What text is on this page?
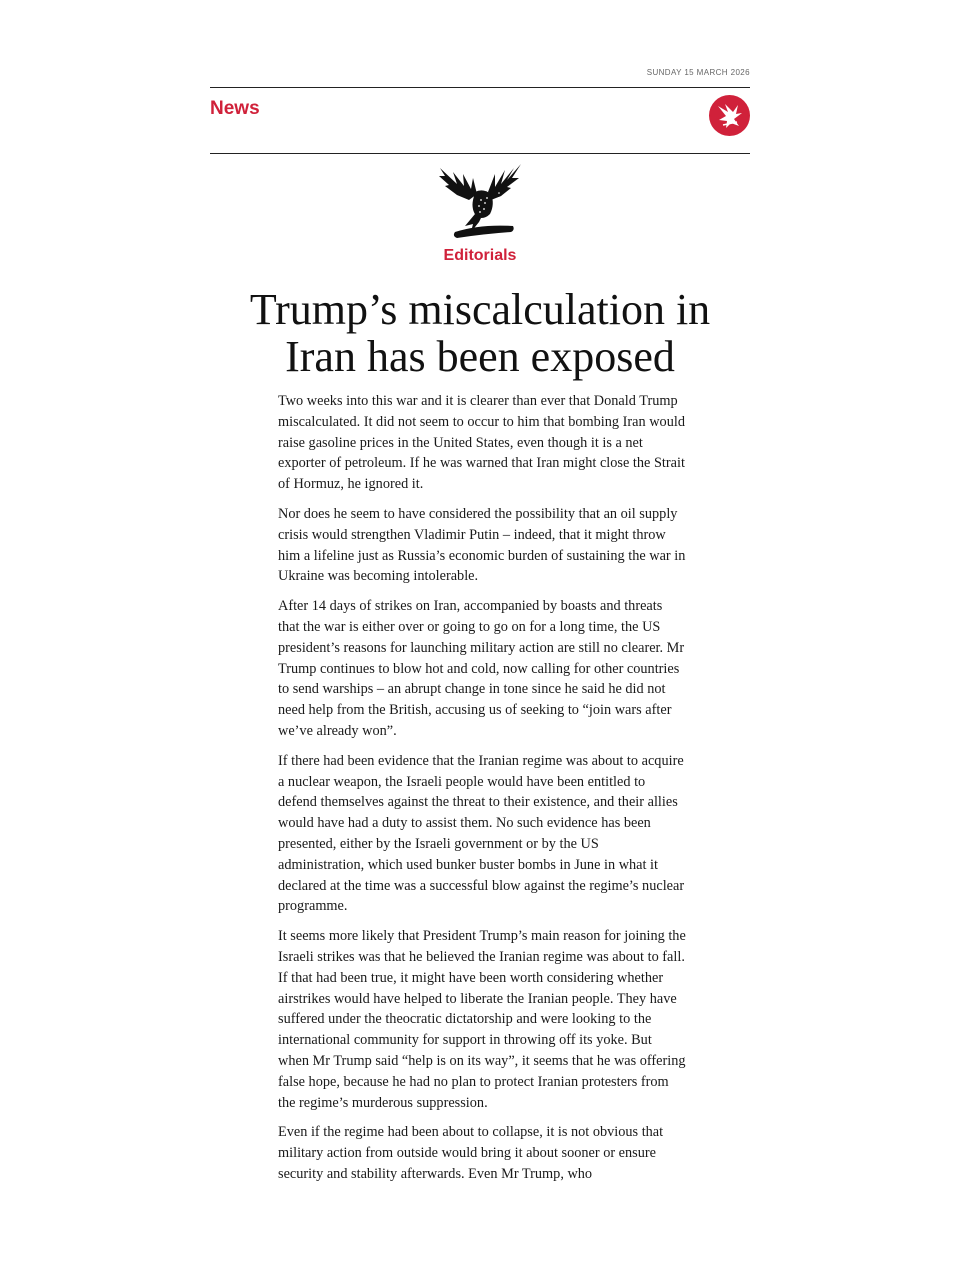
SUNDAY 15 MARCH 2026
News
Editorials
Trump’s miscalculation in
Iran has been exposed

Two weeks into this war and it is clearer than ever that Donald Trump miscalculated. It did not seem to occur to him that bombing Iran would raise gasoline prices in the United States, even though it is a net exporter of petroleum. If he was warned that Iran might close the Strait of Hormuz, he ignored it.

Nor does he seem to have considered the possibility that an oil supply crisis would strengthen Vladimir Putin – indeed, that it might throw him a lifeline just as Russia’s economic burden of sustaining the war in Ukraine was becoming intolerable.

After 14 days of strikes on Iran, accompanied by boasts and threats that the war is either over or going to go on for a long time, the US president’s reasons for launching military action are still no clearer. Mr Trump continues to blow hot and cold, now calling for other countries to send warships – an abrupt change in tone since he said he did not need help from the British, accusing us of seeking to “join wars after we’ve already won”.

If there had been evidence that the Iranian regime was about to acquire a nuclear weapon, the Israeli people would have been entitled to defend themselves against the threat to their existence, and their allies would have had a duty to assist them. No such evidence has been presented, either by the Israeli government or by the US administration, which used bunker buster bombs in June in what it declared at the time was a successful blow against the regime’s nuclear programme.

It seems more likely that President Trump’s main reason for joining the Israeli strikes was that he believed the Iranian regime was about to fall. If that had been true, it might have been worth considering whether airstrikes would have helped to liberate the Iranian people. They have suffered under the theocratic dictatorship and were looking to the international community for support in throwing off its yoke. But when Mr Trump said “help is on its way”, it seems that he was offering false hope, because he had no plan to protect Iranian protesters from the regime’s murderous suppression.

Even if the regime had been about to collapse, it is not obvious that military action from outside would bring it about sooner or ensure security and stability afterwards. Even Mr Trump, who
